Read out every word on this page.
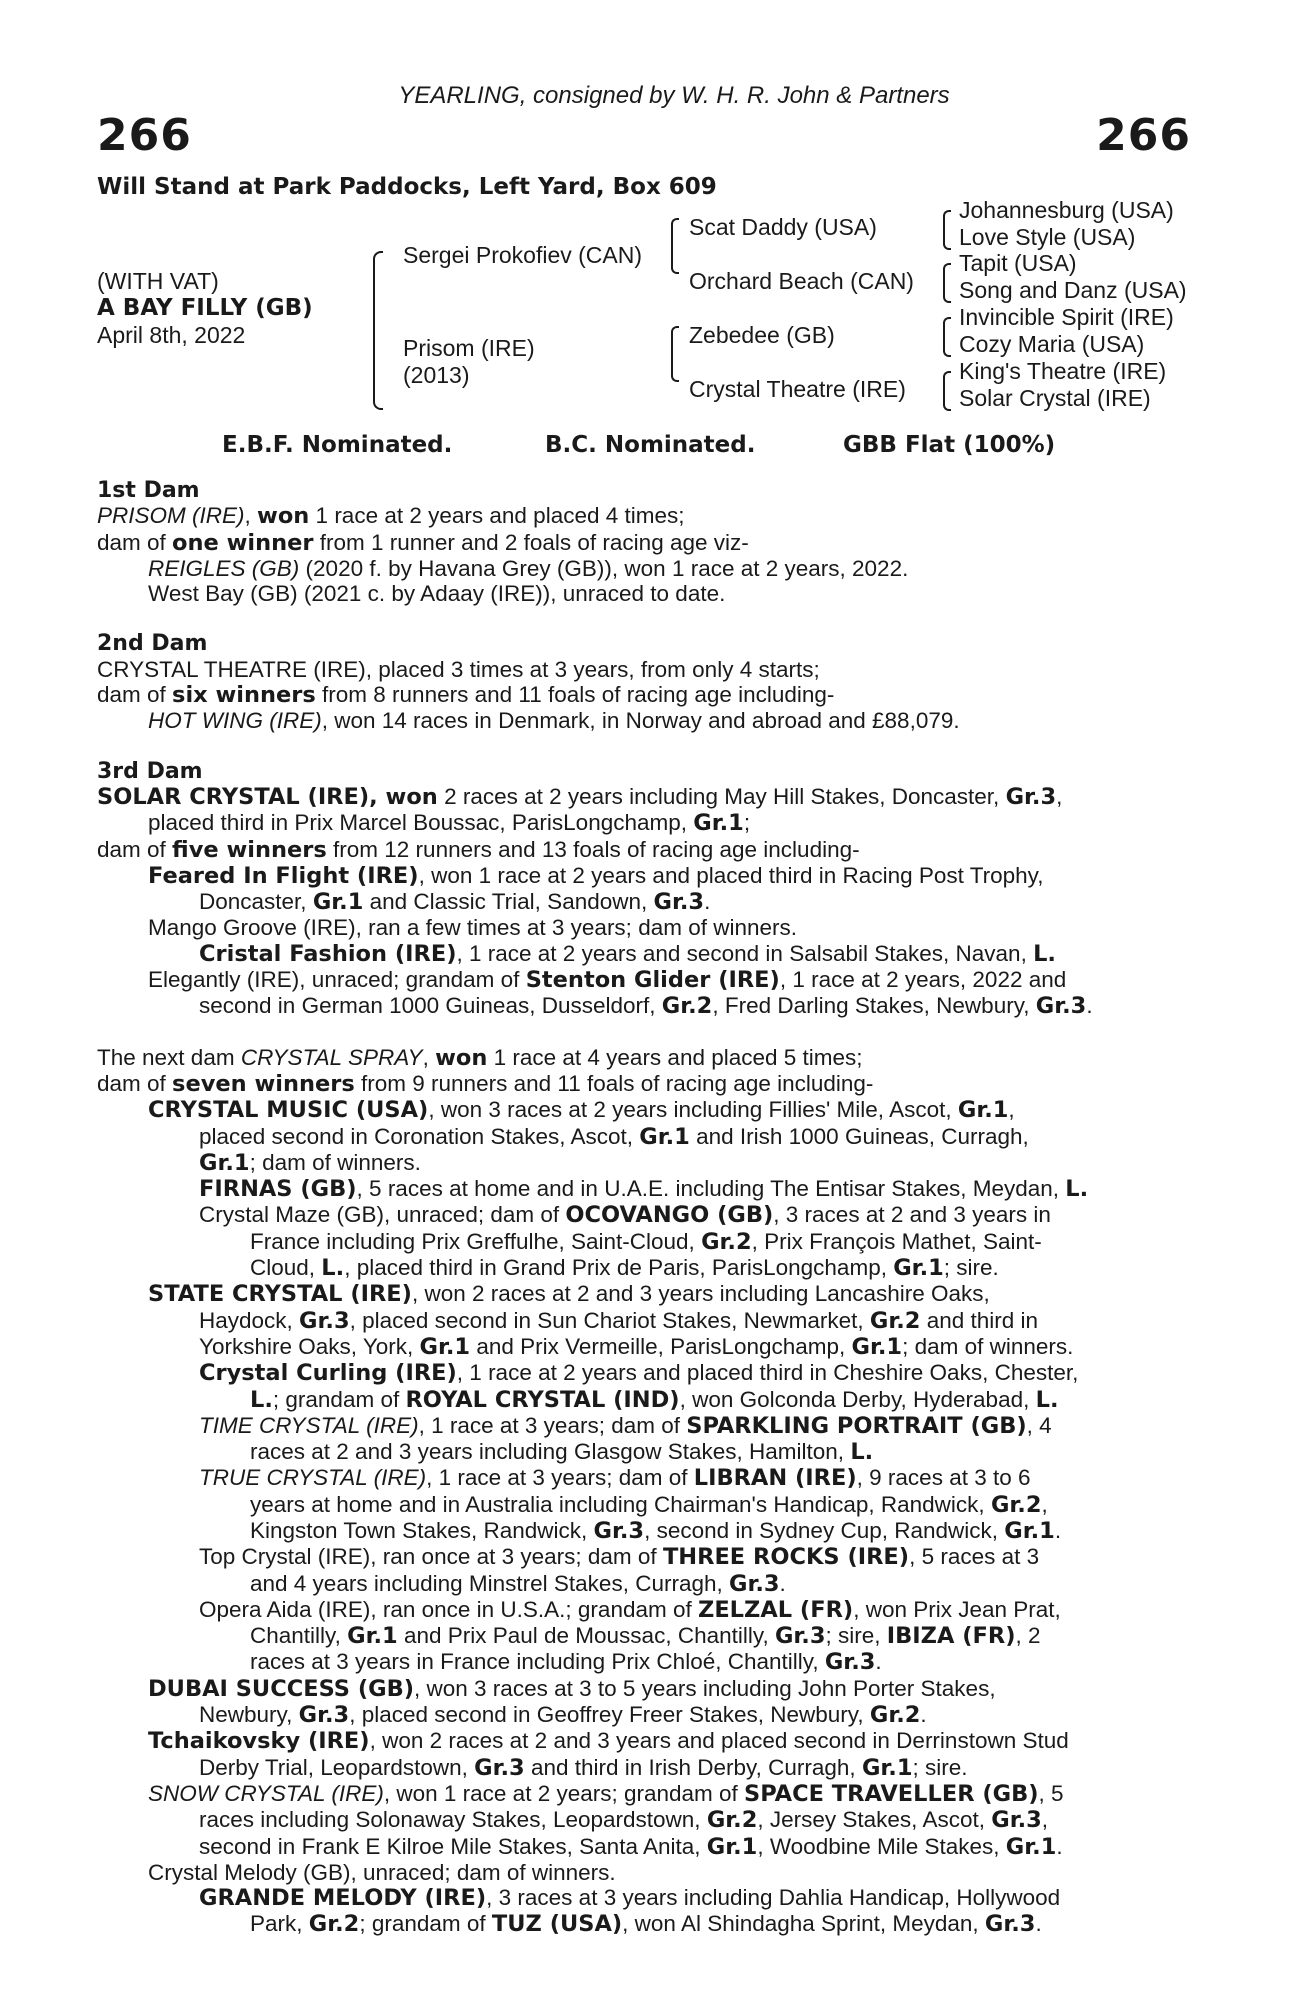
YEARLING, consigned by W. H. R. John & Partners
266	266
Will Stand at Park Paddocks, Left Yard, Box 609
(WITH VAT)
A BAY FILLY (GB)
April 8th, 2022
Sergei Prokofiev (CAN)
Prisom (IRE)
(2013)
Scat Daddy (USA)
Orchard Beach (CAN)
Zebedee (GB)
Crystal Theatre (IRE)
Johannesburg (USA)
Love Style (USA)
Tapit (USA)
Song and Danz (USA)
Invincible Spirit (IRE)
Cozy Maria (USA)
King's Theatre (IRE)
Solar Crystal (IRE)
E.B.F. Nominated.	B.C. Nominated.	GBB Flat (100%)
1st Dam
PRISOM (IRE), won 1 race at 2 years and placed 4 times;
dam of one winner from 1 runner and 2 foals of racing age viz-
REIGLES (GB) (2020 f. by Havana Grey (GB)), won 1 race at 2 years, 2022.
West Bay (GB) (2021 c. by Adaay (IRE)), unraced to date.
2nd Dam
CRYSTAL THEATRE (IRE), placed 3 times at 3 years, from only 4 starts;
dam of six winners from 8 runners and 11 foals of racing age including-
HOT WING (IRE), won 14 races in Denmark, in Norway and abroad and £88,079.
3rd Dam
SOLAR CRYSTAL (IRE), won 2 races at 2 years including May Hill Stakes, Doncaster, Gr.3,
placed third in Prix Marcel Boussac, ParisLongchamp, Gr.1;
dam of five winners from 12 runners and 13 foals of racing age including-
Feared In Flight (IRE), won 1 race at 2 years and placed third in Racing Post Trophy,
Doncaster, Gr.1 and Classic Trial, Sandown, Gr.3.
Mango Groove (IRE), ran a few times at 3 years; dam of winners.
Cristal Fashion (IRE), 1 race at 2 years and second in Salsabil Stakes, Navan, L.
Elegantly (IRE), unraced; grandam of Stenton Glider (IRE), 1 race at 2 years, 2022 and
second in German 1000 Guineas, Dusseldorf, Gr.2, Fred Darling Stakes, Newbury, Gr.3.
The next dam CRYSTAL SPRAY, won 1 race at 4 years and placed 5 times;
dam of seven winners from 9 runners and 11 foals of racing age including-
CRYSTAL MUSIC (USA), won 3 races at 2 years including Fillies' Mile, Ascot, Gr.1,
placed second in Coronation Stakes, Ascot, Gr.1 and Irish 1000 Guineas, Curragh,
Gr.1; dam of winners.
FIRNAS (GB), 5 races at home and in U.A.E. including The Entisar Stakes, Meydan, L.
Crystal Maze (GB), unraced; dam of OCOVANGO (GB), 3 races at 2 and 3 years in
France including Prix Greffulhe, Saint-Cloud, Gr.2, Prix François Mathet, Saint-
Cloud, L., placed third in Grand Prix de Paris, ParisLongchamp, Gr.1; sire.
STATE CRYSTAL (IRE), won 2 races at 2 and 3 years including Lancashire Oaks,
Haydock, Gr.3, placed second in Sun Chariot Stakes, Newmarket, Gr.2 and third in
Yorkshire Oaks, York, Gr.1 and Prix Vermeille, ParisLongchamp, Gr.1; dam of winners.
Crystal Curling (IRE), 1 race at 2 years and placed third in Cheshire Oaks, Chester,
L.; grandam of ROYAL CRYSTAL (IND), won Golconda Derby, Hyderabad, L.
TIME CRYSTAL (IRE), 1 race at 3 years; dam of SPARKLING PORTRAIT (GB), 4
races at 2 and 3 years including Glasgow Stakes, Hamilton, L.
TRUE CRYSTAL (IRE), 1 race at 3 years; dam of LIBRAN (IRE), 9 races at 3 to 6
years at home and in Australia including Chairman's Handicap, Randwick, Gr.2,
Kingston Town Stakes, Randwick, Gr.3, second in Sydney Cup, Randwick, Gr.1.
Top Crystal (IRE), ran once at 3 years; dam of THREE ROCKS (IRE), 5 races at 3
and 4 years including Minstrel Stakes, Curragh, Gr.3.
Opera Aida (IRE), ran once in U.S.A.; grandam of ZELZAL (FR), won Prix Jean Prat,
Chantilly, Gr.1 and Prix Paul de Moussac, Chantilly, Gr.3; sire, IBIZA (FR), 2
races at 3 years in France including Prix Chloé, Chantilly, Gr.3.
DUBAI SUCCESS (GB), won 3 races at 3 to 5 years including John Porter Stakes,
Newbury, Gr.3, placed second in Geoffrey Freer Stakes, Newbury, Gr.2.
Tchaikovsky (IRE), won 2 races at 2 and 3 years and placed second in Derrinstown Stud
Derby Trial, Leopardstown, Gr.3 and third in Irish Derby, Curragh, Gr.1; sire.
SNOW CRYSTAL (IRE), won 1 race at 2 years; grandam of SPACE TRAVELLER (GB), 5
races including Solonaway Stakes, Leopardstown, Gr.2, Jersey Stakes, Ascot, Gr.3,
second in Frank E Kilroe Mile Stakes, Santa Anita, Gr.1, Woodbine Mile Stakes, Gr.1.
Crystal Melody (GB), unraced; dam of winners.
GRANDE MELODY (IRE), 3 races at 3 years including Dahlia Handicap, Hollywood
Park, Gr.2; grandam of TUZ (USA), won Al Shindagha Sprint, Meydan, Gr.3.
